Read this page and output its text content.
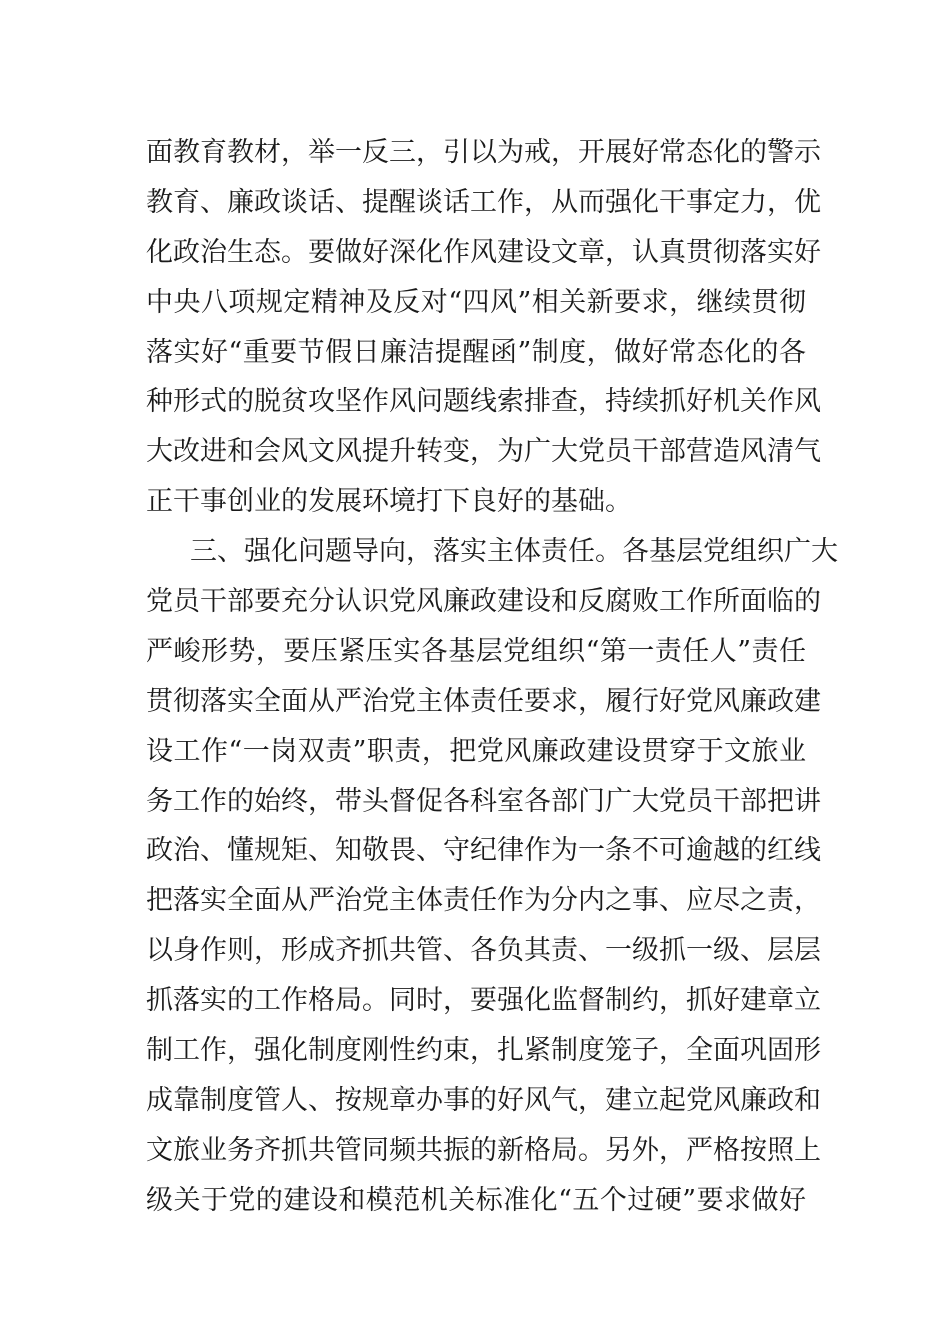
面教育教材，举一反三，引以为戒，开展好常态化的警示
教育、廉政谈话、提醒谈话工作，从而强化干事定力，优
化政治生态。要做好深化作风建设文章，认真贯彻落实好
中央八项规定精神及反对“四风”相关新要求，继续贯彻
落实好“重要节假日廉洁提醒函”制度，做好常态化的各
种形式的脱贫攻坚作风问题线索排查，持续抓好机关作风
大改进和会风文风提升转变，为广大党员干部营造风清气
正干事创业的发展环境打下良好的基础。
三、强化问题导向，落实主体责任。各基层党组织广大
党员干部要充分认识党风廉政建设和反腐败工作所面临的
严峻形势，要压紧压实各基层党组织“第一责任人”责任
贯彻落实全面从严治党主体责任要求，履行好党风廉政建
设工作“一岗双责”职责，把党风廉政建设贯穿于文旅业
务工作的始终，带头督促各科室各部门广大党员干部把讲
政治、懂规矩、知敬畏、守纪律作为一条不可逾越的红线
把落实全面从严治党主体责任作为分内之事、应尽之责，
以身作则，形成齐抓共管、各负其责、一级抓一级、层层
抓落实的工作格局。同时，要强化监督制约，抓好建章立
制工作，强化制度刚性约束，扎紧制度笼子，全面巩固形
成靠制度管人、按规章办事的好风气，建立起党风廉政和
文旅业务齐抓共管同频共振的新格局。另外，严格按照上
级关于党的建设和模范机关标准化“五个过硬”要求做好
